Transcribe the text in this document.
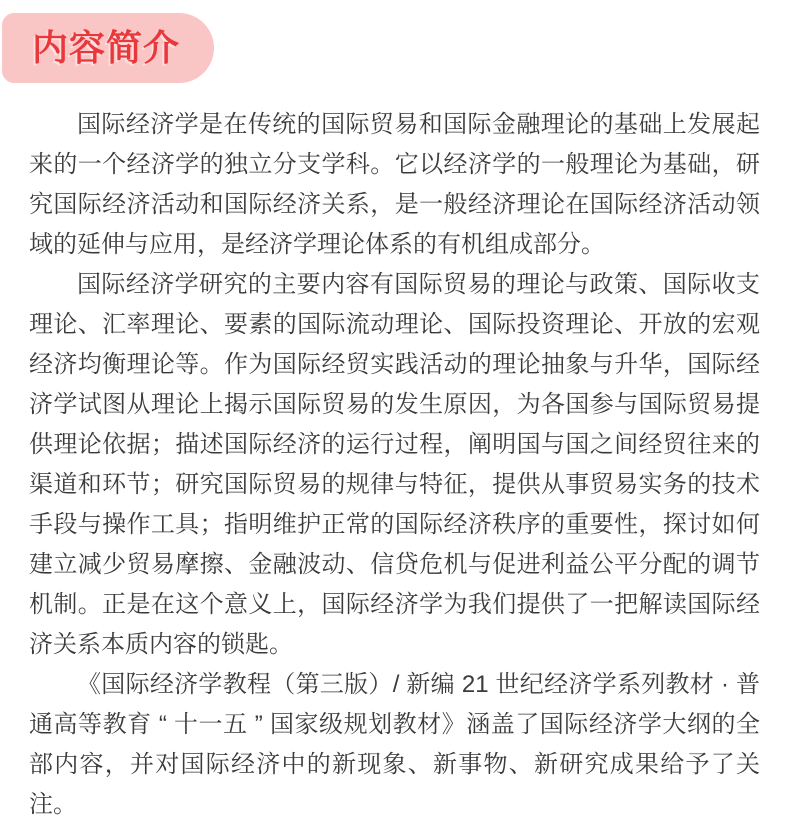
内容简介

国际经济学是在传统的国际贸易和国际金融理论的基础上发展起来的一个经济学的独立分支学科。它以经济学的一般理论为基础，研究国际经济活动和国际经济关系，是一般经济理论在国际经济活动领域的延伸与应用，是经济学理论体系的有机组成部分。

国际经济学研究的主要内容有国际贸易的理论与政策、国际收支理论、汇率理论、要素的国际流动理论、国际投资理论、开放的宏观经济均衡理论等。作为国际经贸实践活动的理论抽象与升华，国际经济学试图从理论上揭示国际贸易的发生原因，为各国参与国际贸易提供理论依据；描述国际经济的运行过程，阐明国与国之间经贸往来的渠道和环节；研究国际贸易的规律与特征，提供从事贸易实务的技术手段与操作工具；指明维护正常的国际经济秩序的重要性，探讨如何建立减少贸易摩擦、金融波动、信贷危机与促进利益公平分配的调节机制。正是在这个意义上，国际经济学为我们提供了一把解读国际经济关系本质内容的锁匙。

《国际经济学教程（第三版）/ 新编 21 世纪经济学系列教材 · 普通高等教育 “ 十一五 ” 国家级规划教材》涵盖了国际经济学大纲的全部内容，并对国际经济中的新现象、新事物、新研究成果给予了关注。
